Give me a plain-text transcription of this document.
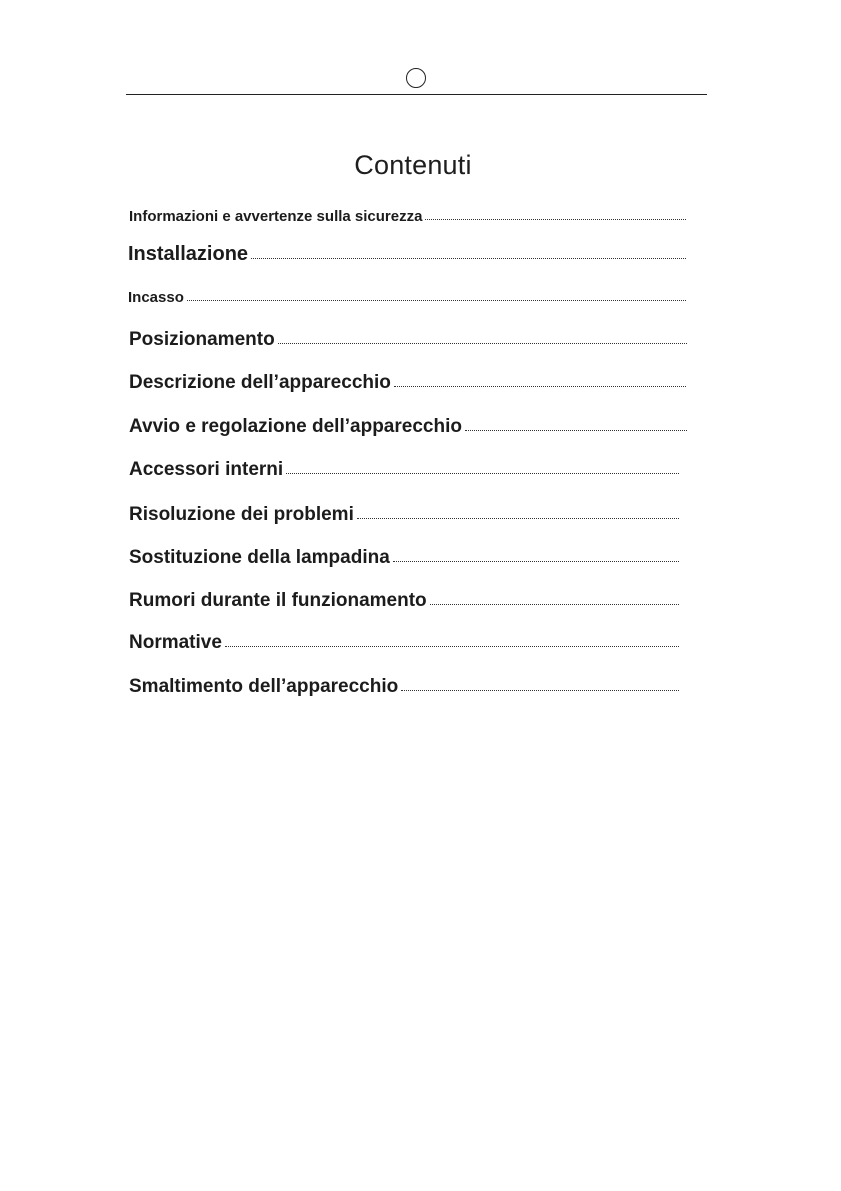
Contenuti
Informazioni e avvertenze sulla sicurezza
Installazione
Incasso
Posizionamento
Descrizione dell’apparecchio
Avvio e regolazione dell’apparecchio
Accessori interni
Risoluzione dei problemi
Sostituzione della lampadina
Rumori durante il funzionamento
Normative
Smaltimento dell’apparecchio
